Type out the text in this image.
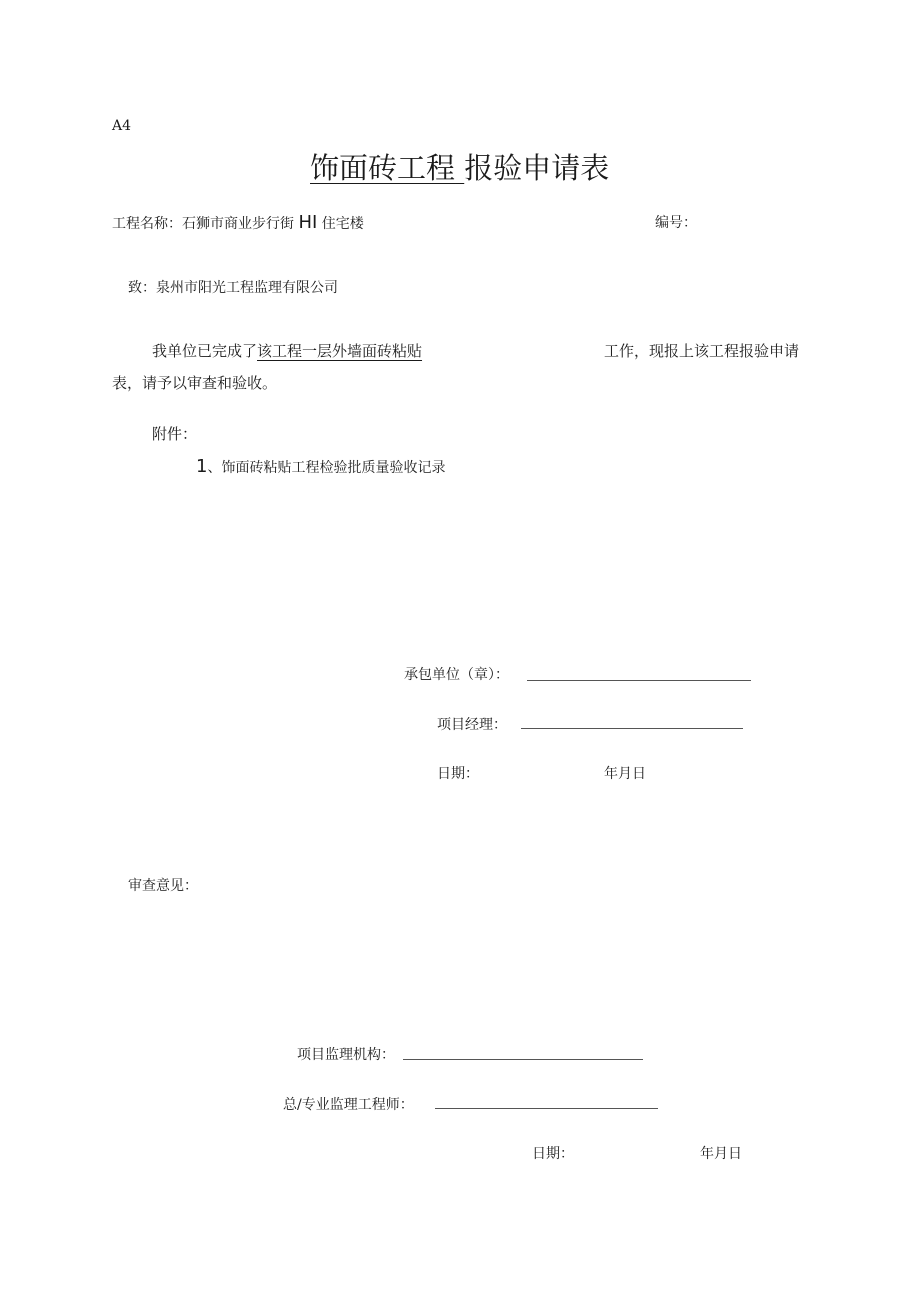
A4
饰面砖工程 报验申请表
工程名称：石狮市商业步行街 HI 住宅楼	编号：
致：泉州市阳光工程监理有限公司
我单位已完成了该工程一层外墙面砖粘贴	工作，现报上该工程报验申请
表，请予以审查和验收。
附件：
1、饰面砖粘贴工程检验批质量验收记录
承包单位（章）：
项目经理：
日期：	年月日
审查意见：
项目监理机构：
总/专业监理工程师：
日期：	年月日
